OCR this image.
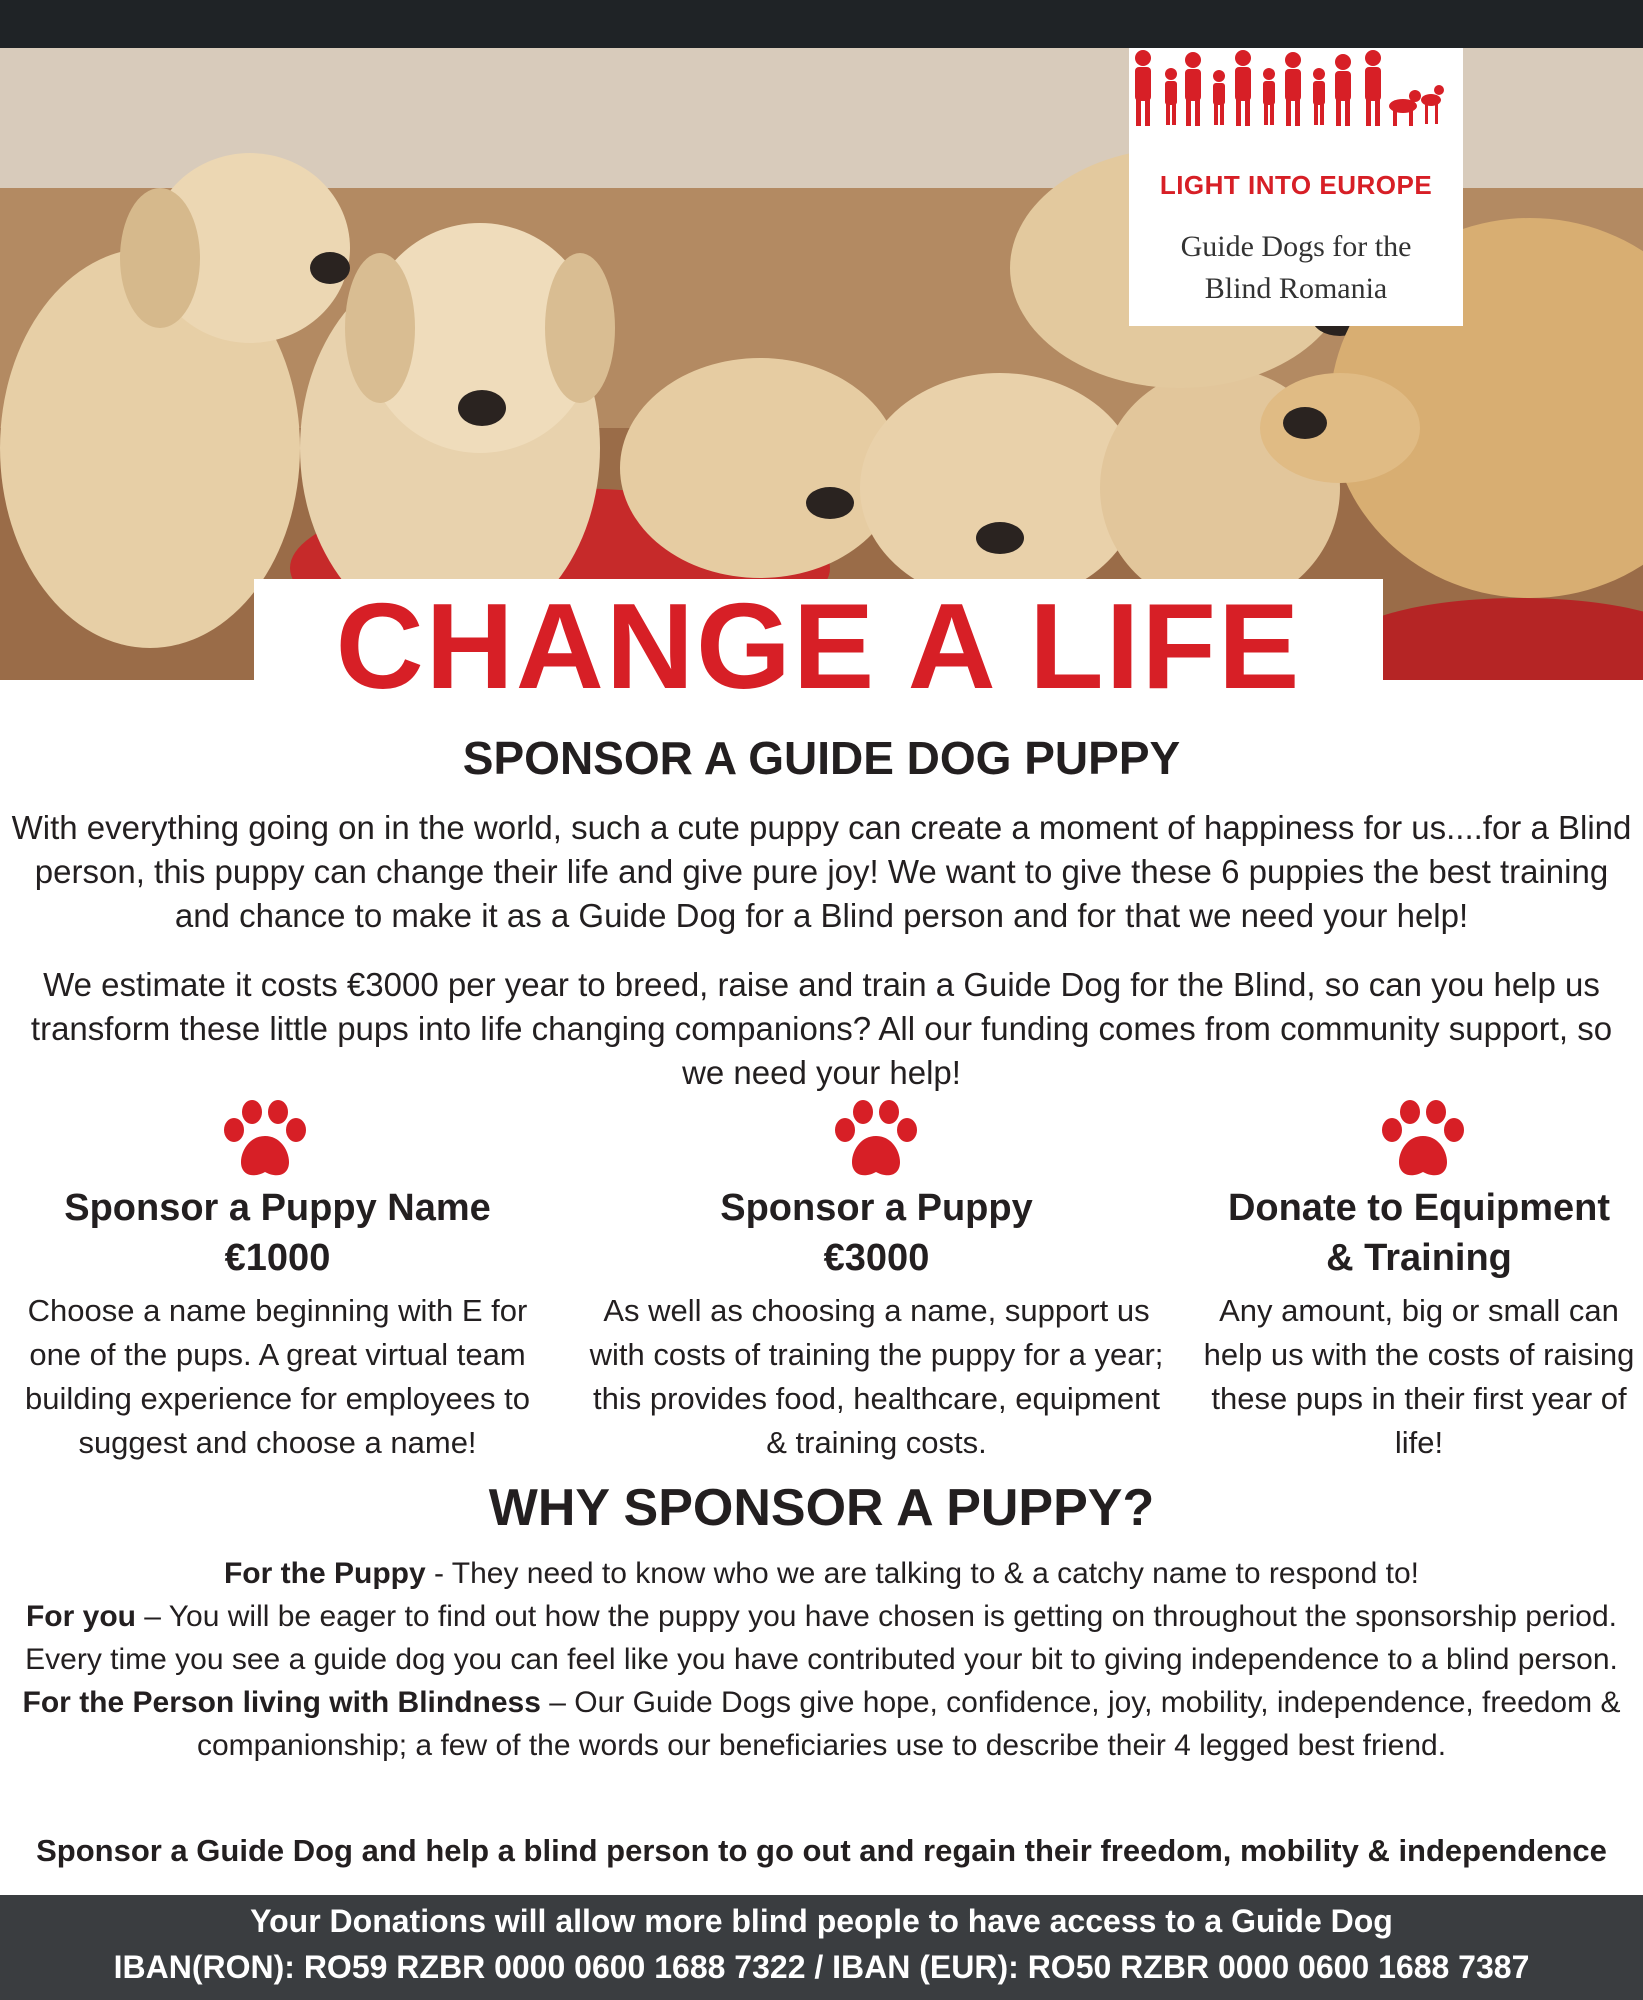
LIGHT INTO EUROPE
Guide Dogs for the
Blind Romania
CHANGE A LIFE
SPONSOR A GUIDE DOG PUPPY
With everything going on in the world, such a cute puppy can create a moment of happiness for us....for a Blind person, this puppy can change their life and give pure joy! We want to give these 6 puppies the best training and chance to make it as a Guide Dog for a Blind person and for that we need your help!
We estimate it costs €3000 per year to breed, raise and train a Guide Dog for the Blind, so can you help us transform these little pups into life changing companions? All our funding comes from community support, so we need your help!
Sponsor a Puppy Name
€1000
Choose a name beginning with E for one of the pups. A great virtual team building experience for employees to suggest and choose a name!
Sponsor a Puppy
€3000
As well as choosing a name, support us with costs of training the puppy for a year; this provides food, healthcare, equipment & training costs.
Donate to Equipment
& Training
Any amount, big or small can help us with the costs of raising these pups in their first year of life!
WHY SPONSOR A PUPPY?

For the Puppy - They need to know who we are talking to & a catchy name to respond to!

For you – You will be eager to find out how the puppy you have chosen is getting on throughout the sponsorship period. Every time you see a guide dog you can feel like you have contributed your bit to giving independence to a blind person.

For the Person living with Blindness – Our Guide Dogs give hope, confidence, joy, mobility, independence, freedom & companionship; a few of the words our beneficiaries use to describe their 4 legged best friend.

Sponsor a Guide Dog and help a blind person to go out and regain their freedom, mobility & independence
Your Donations will allow more blind people to have access to a Guide Dog
IBAN(RON): RO59 RZBR 0000 0600 1688 7322 / IBAN (EUR): RO50 RZBR 0000 0600 1688 7387
